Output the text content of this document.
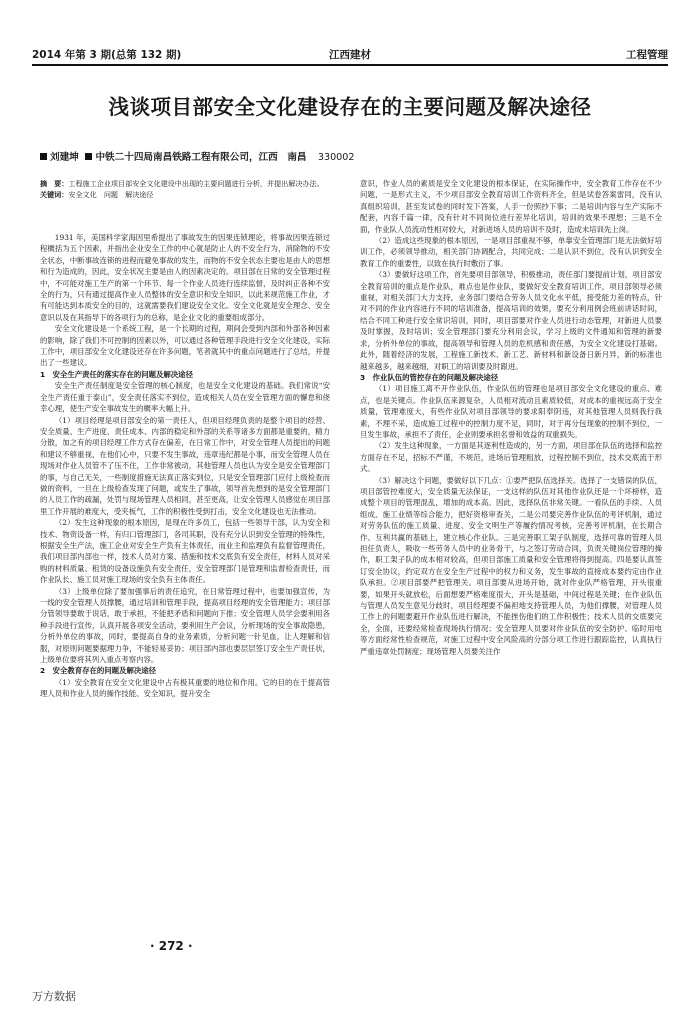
2014 年第 3 期(总第 132 期)	江西建材	工程管理
浅谈项目部安全文化建设存在的主要问题及解决途径
刘建坤 中铁二十四局南昌铁路工程有限公司，江西　南昌 330002
摘　要：工程施工企业项目部安全文化建设中出现的主要问题进行分析，并提出解决办法。
关键词：安全文化　问题　解决途径

1931 年，美国科学家海因里希提出了事故发生的因果连锁理论，将事故因果连锁过程概括为五个因素，并指出企业安全工作的中心就是防止人的不安全行为，消除物的不安全状态，中断事故连锁的进程而避免事故的发生，而物的不安全状态主要也是由人的思想和行为造成的，因此，安全状况主要是由人的因素决定的。项目部在日常的安全管理过程中，不可能对施工生产的第一个环节、每一个作业人员进行连续监督，及时纠正各种不安全的行为，只有通过提高作业人员整体的安全意识和安全知识，以此来规范施工作业，才有可能达到本质安全的目的，这就需要我们建设安全文化。安全文化就是安全理念、安全意识以及在其指导下的各项行为的总称，是企业文化的重要组成部分。

安全文化建设是一个系统工程，是一个长期的过程，期间会受到内部和外部各种因素的影响，除了我们不可控制的因素以外，可以通过各种管理手段进行安全文化建设，实际工作中，项目部安全文化建设还存在许多问题，笔者就其中的重点问题进行了总结，并提出了一些建议。

1　安全生产责任的落实存在的问题及解决途径

安全生产责任制度是安全管理的核心制度，也是安全文化建设的基础。我们常说“安全生产责任重于泰山”，安全责任落实不到位，造成相关人员在安全管理方面的懈怠和侥幸心理，使生产安全事故发生的概率大幅上升。

（1）项目经理是项目部安全的第一责任人，但项目经理负责的是整个项目的经营、安全质量、生产进度、责任成本、内部的稳定和外部的关系等诸多方面都是重要的，精力分散，加之有的项目经理工作方式存在偏差，在日常工作中，对安全管理人员提出的问题和建议不够重视，在他们心中，只要不发生事故，违章违纪都是小事，而安全管理人员在现场对作业人员管不了压不住，工作非常被动，其他管理人员也认为安全是安全管理部门的事，与自己无关，一些制度措施无法真正落实到位，只是安全管理部门应付上级检查而做的资料，一旦在上级检查发现了问题，或发生了事故，领导首先想到的是安全管理部门的人员工作的疏漏，处罚与现场管理人员相同，甚至更高，让安全管理人员感觉在项目部里工作开展的难度大，受夹板气，工作的积极性受到打击，安全文化建设也无法推动。

（2）发生这种现象的根本原因，是现在许多员工，包括一些领导干部，认为安全和技术、物资设备一样，有归口管理部门，各司其职，没有充分认识到安全管理的特殊性，根据安全生产法，施工企业对安全生产负有主体责任，而业主和监理负有监督管理责任，我们项目部内部也一样，技术人员对方案、措施和技术交底负有安全责任，材料人员对采购的材料质量、租赁的设备设施负有安全责任，安全管理部门是管理和监督检查责任，而作业队长、施工员对施工现场的安全负有主体责任。

（3）上级单位除了要加强事后的责任追究，在日常管理过程中，也要加强宣传，为一线的安全管理人员撑腰，通过培训和管理手段，提高项目经理的安全管理能力；项目部分管领导要敢于说话，敢于承担，不能把矛盾和问题向下推；安全管理人员学会要利用各种手段进行宣传，认真开展各项安全活动，要利用生产会议，分析现场的安全事故隐患，分析外单位的事故，同时，要提高自身的业务素质，分析问题一针见血，让人理解和信服，对原则问题要据理力争，不能轻易妥协；项目部内部也要层层签订安全生产责任状，上级单位要将其列入重点考察内容。

2　安全教育存在的问题及解决途径

（1）安全教育在安全文化建设中占有极其重要的地位和作用。它的目的在于提高管理人员和作业人员的操作技能、安全知识，提升安全

意识，作业人员的素质是安全文化建设的根本保证，在实际操作中，安全教育工作存在不少问题，一是形式主义，不少项目部安全教育培训工作资料齐全，但是试卷答案雷同，没有认真组织培训，甚至发试卷的同时发下答案，人手一份照抄下事；二是培训内容与生产实际不配套，内容千篇一律，没有针对不同岗位进行差异化培训，培训的效果不理想；三是不全面，作业队人员流动性相对较大，对新进场人员的培训不及时，造成未培训先上岗。

（2）造成这些现象的根本原因，一是项目部重视不够，单靠安全管理部门是无法做好培训工作，必须领导推动，相关部门协调配合，共同完成；二是认识不到位，没有认识到安全教育工作的重要性，以致在执行时敷衍了事。

（3）要做好这项工作，首先要项目部领导，积极推动，责任部门要提前计划，项目部安全教育培训的重点是作业队，难点也是作业队，要做好安全教育培训工作，项目部领导必须重视，对相关部门大力支持，业务部门要结合劳务人员文化水平低，接受能力差的特点，针对不同的作业内容进行不同的培训准备，提高培训的效果，要充分利用例会班前讲话时间，结合不同工种进行安全常识培训，同时，项目部要对作业人员进行动态管理，对新进人员要及时掌握，及时培训；安全管理部门要充分利用会议，学习上级的文件通知和管理的新要求，分析外单位的事故，提高领导和管理人员的危机感和责任感，为安全文化建设打基础。此外，随着经济的发展，工程施工新技术、新工艺、新材料和新设备日新月异，新的标准也越来越多，越来越细，对职工的培训要及时跟进。

3　作业队伍的管控存在的问题及解决途径

（1）项目施工离不开作业队伍，作业队伍的管理也是项目部安全文化建设的重点、难点，也是关键点。作业队伍来源复杂，人员相对流动且素质较低，对成本的重视远高于安全质量，管理难度大，有些作业队对项目部领导的要求阳奉阴违，对其他管理人员则我行我素，不理不采，造成施工过程中的控制力度不足，同时，对于再分包现象的控制不到位，一旦发生事故，承担不了责任，企业则要承担名誉和效益的双重损失。

（2）发生这种现象，一方面是其逐利性造成的，另一方面，项目部在队伍的选择和监控方面存在不足，招标不严谨，不规范，进场后管理粗放，过程控制不到位，技术交底流于形式。

（3）解决这个问题，要做好以下几点：①要严把队伍选择关。选择了一支错误的队伍，项目部管控难度大，安全质量无法保证，一支这样的队伍对其他作业队还是一个坏榜样，造成整个项目的管理混乱，增加的成本高。因此，选择队伍非常关键。一看队伍的手续、人员组成、施工业绩等综合能力，把好资格审查关，二是公司要完善作业队伍的考评机制，通过对劳务队伍的施工质量、进度、安全文明生产等履约情况考核，完善考评机制，在长期合作、互利共赢的基础上，建立核心作业队。三是完善职工架子队制度，选择可靠的管理人员担任负责人，吸收一些劳务人员中的业务骨干，与之签订劳动合同，负责关键岗位管理的操作，职工架子队的成本相对较高，但项目部施工质量和安全管理将得到提高。四是要认真签订安全协议，约定双方在安全生产过程中的权力和义务，发生事故的直接成本要约定由作业队承担。②项目部要严把管理关。项目部要从进场开始，就对作业队严格管理，开头很重要，如果开头就放松，后面想要严格难度很大，开头是基础，中间过程是关键；在作业队伍与管理人员发生意见分歧时，项目经理要不偏袒地支持管理人员，为他们撑腰，对管理人员工作上的问题要避开作业队伍进行解决，不能挫伤他们的工作积极性；技术人员的交底要完全，全面，还要经常检查现场执行情况；安全管理人员要对作业队伍的安全防护、临时用电等方面经常性检查规范，对施工过程中安全风险高的分部分项工作进行跟踪监控，认真执行严重违章处罚制度；现场管理人员要关注作

· 272 ·
万方数据
